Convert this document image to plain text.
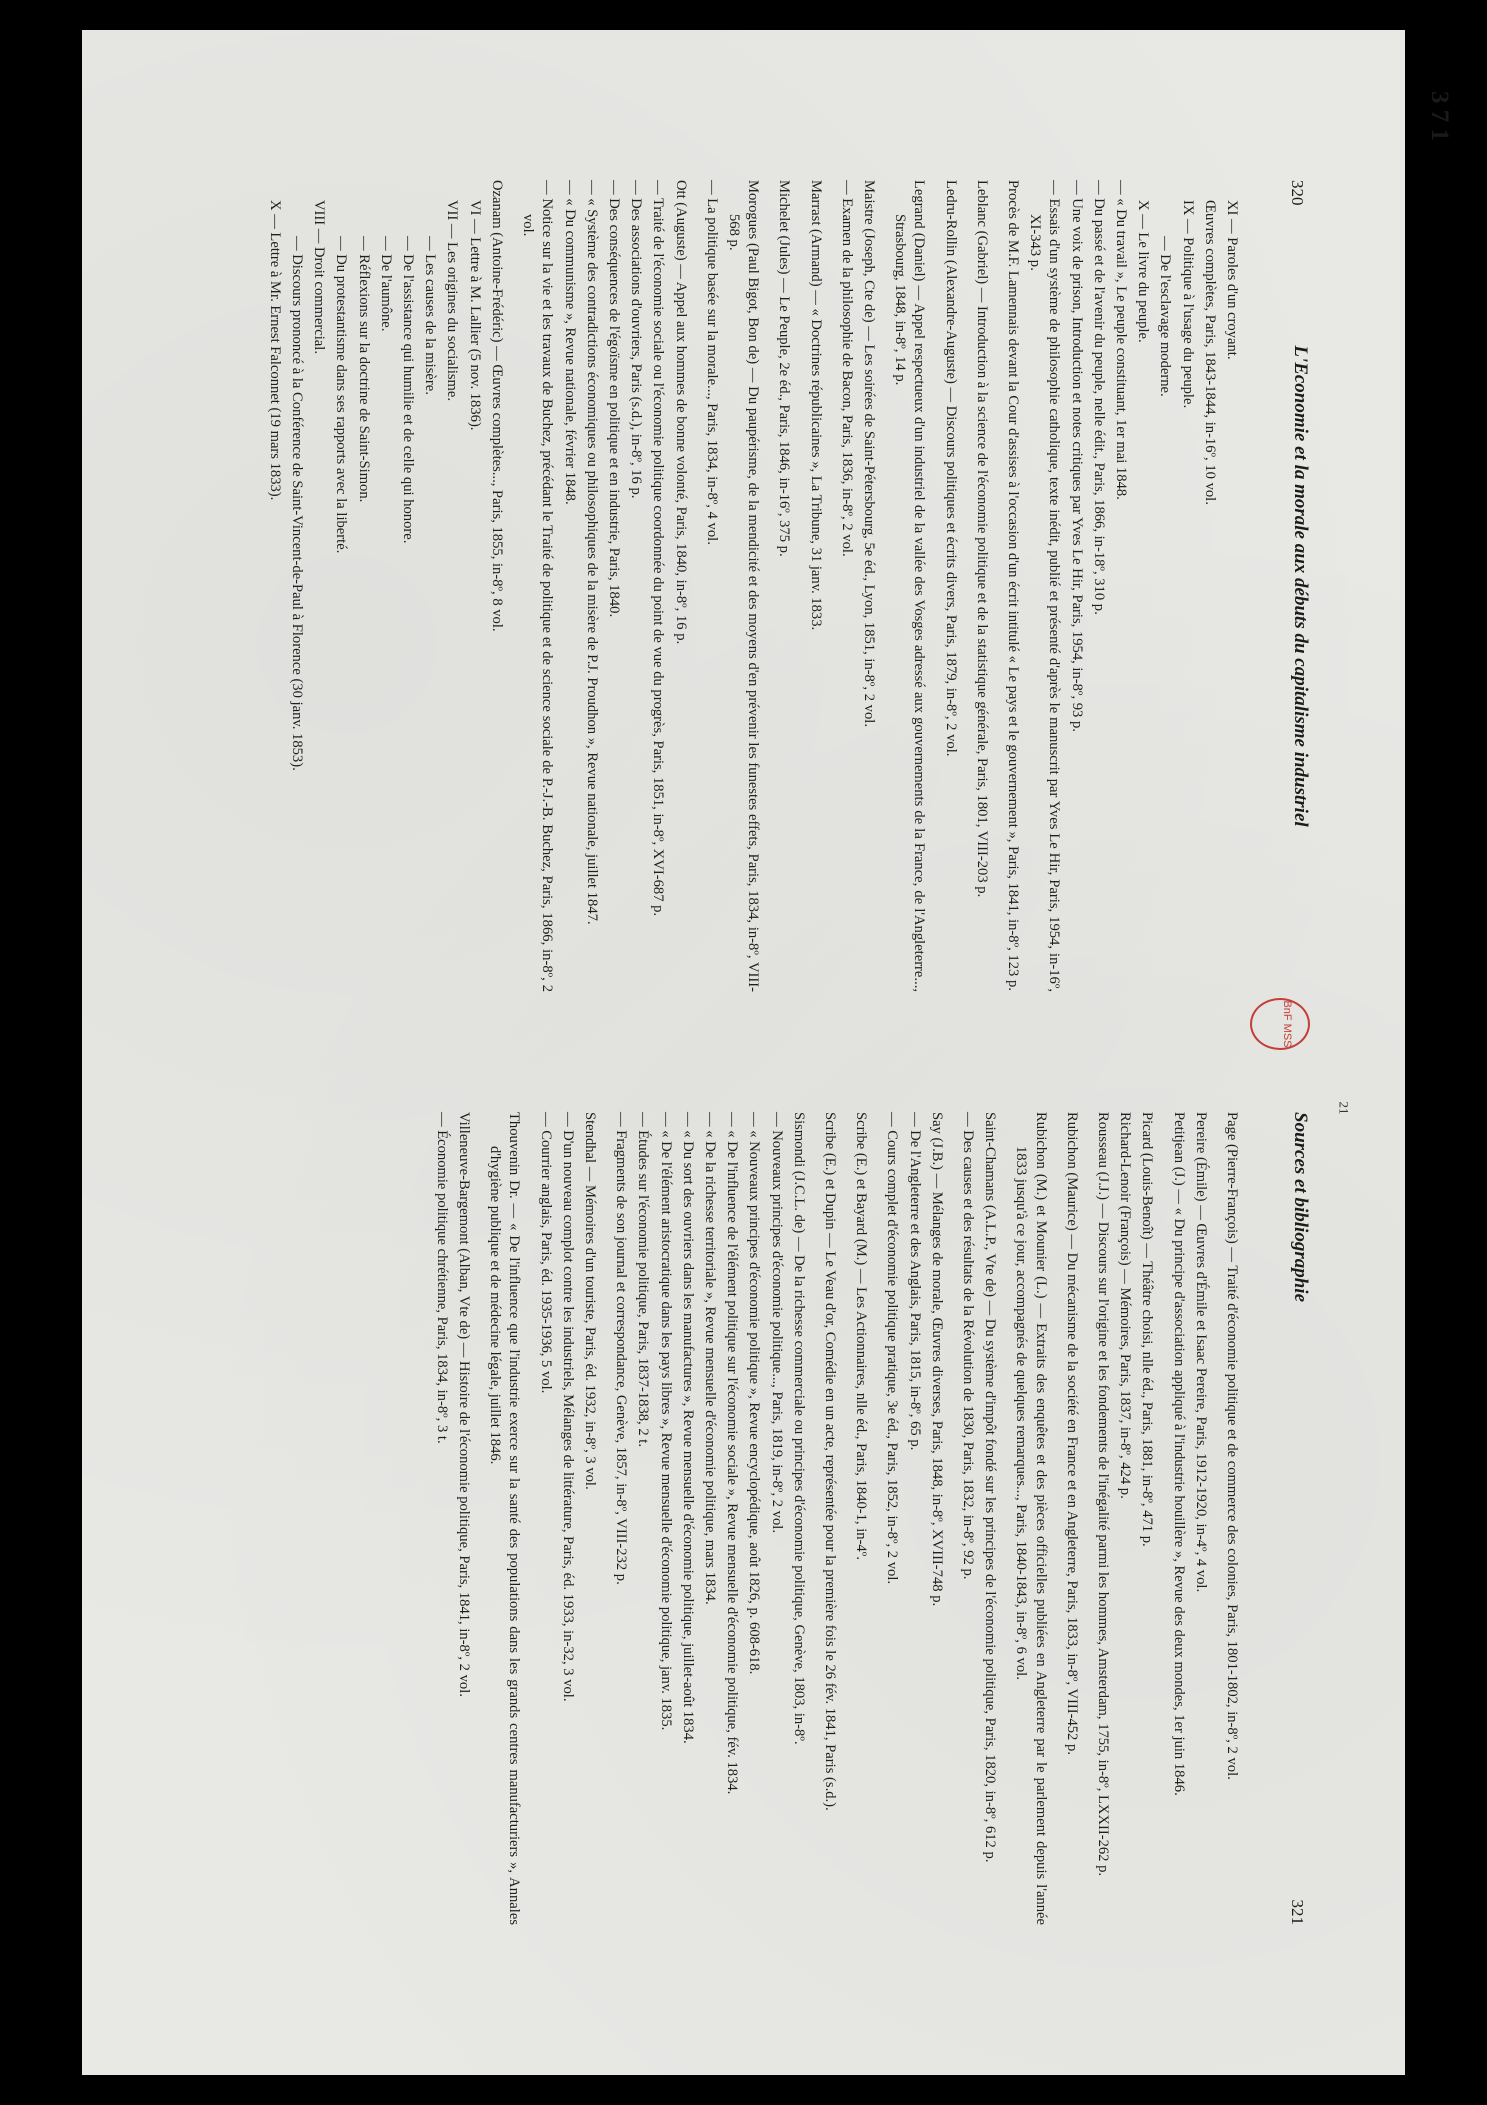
320
L'Economie et la morale aux débuts du capitalisme industriel
XI — Paroles d'un croyant.
Œuvres complètes, Paris, 1843-1844, in-16º, 10 vol.
IX — Politique à l'usage du peuple.
— De l'esclavage moderne.
X — Le livre du peuple.
— « Du travail », Le peuple constituant, 1er mai 1848.
— Du passé et de l'avenir du peuple, nelle édit., Paris, 1866, in-18º, 310 p.
— Une voix de prison, Introduction et notes critiques par Yves Le Hir, Paris, 1954, in-8º, 93 p.
— Essais d'un système de philosophie catholique, texte inédit, publié et présenté d'après le manuscrit par Yves Le Hir, Paris, 1954, in-16º, XI-343 p.
Procès de M.F. Lamennais devant la Cour d'assises à l'occasion d'un écrit intitulé « Le pays et le gouvernement », Paris, 1841, in-8º, 123 p.
Leblanc (Gabriel) — Introduction à la science de l'économie politique et de la statistique générale, Paris, 1801, VIII-203 p.
Ledru-Rollin (Alexandre-Auguste) — Discours politiques et écrits divers, Paris, 1879, in-8º, 2 vol.
Legrand (Daniel) — Appel respectueux d'un industriel de la vallée des Vosges adressé aux gouvernements de la France, de l'Angleterre..., Strasbourg, 1848, in-8º, 14 p.
Maistre (Joseph, Cte de) — Les soirées de Saint-Pétersbourg, 5e éd., Lyon, 1851, in-8º, 2 vol.
— Examen de la philosophie de Bacon, Paris, 1836, in-8º, 2 vol.
Marrast (Armand) — « Doctrines républicaines », La Tribune, 31 janv. 1833.
Michelet (Jules) — Le Peuple, 2e éd., Paris, 1846, in-16º, 375 p.
Morogues (Paul Bigot, Bon de) — Du paupérisme, de la mendicité et des moyens d'en prévenir les funestes effets, Paris, 1834, in-8º, VIII-568 p.
— La politique basée sur la morale..., Paris, 1834, in-8º, 4 vol.
Ott (Auguste) — Appel aux hommes de bonne volonté, Paris, 1840, in-8º, 16 p.
— Traité de l'économie sociale ou l'économie politique coordonnée du point de vue du progrès, Paris, 1851, in-8º, XVI-687 p.
— Des associations d'ouvriers, Paris (s.d.), in-8º, 16 p.
— Des conséquences de l'égoïsme en politique et en industrie, Paris, 1840.
— « Système des contradictions économiques ou philosophiques de la misère de P.J. Proudhon », Revue nationale, juillet 1847.
— « Du communisme », Revue nationale, février 1848.
— Notice sur la vie et les travaux de Buchez, précédant le Traité de politique et de science sociale de P.-J.-B. Buchez, Paris, 1866, in-8º, 2 vol.
Ozanam (Antoine-Frédéric) — Œuvres complètes..., Paris, 1855, in-8º, 8 vol.
VI — Lettre à M. Lallier (5 nov. 1836).
VII — Les origines du socialisme.
— Les causes de la misère.
— De l'assistance qui humilie et de celle qui honore.
— De l'aumône.
— Réflexions sur la doctrine de Saint-Simon.
— Du protestantisme dans ses rapports avec la liberté.
VIII — Droit commercial.
— Discours prononcé à la Conférence de Saint-Vincent-de-Paul à Florence (30 janv. 1853).
X — Lettre à Mr. Ernest Falconnet (19 mars 1833).
Sources et bibliographie
321
Page (Pierre-François) — Traité d'économie politique et de commerce des colonies, Paris, 1801-1802, in-8º, 2 vol.
Pereire (Émile) — Œuvres d'Émile et Isaac Pereire, Paris, 1912-1920, in-4º, 4 vol.
Petitjean (J.) — « Du principe d'association appliqué à l'industrie houillère », Revue des deux mondes, 1er juin 1846.
Picard (Louis-Benoît) — Théâtre choisi, nlle éd., Paris, 1881, in-8º, 471 p.
Richard-Lenoir (François) — Mémoires, Paris, 1837, in-8º, 424 p.
Rousseau (J.J.) — Discours sur l'origine et les fondements de l'inégalité parmi les hommes, Amsterdam, 1755, in-8º, LXXII-262 p.
Rubichon (Maurice) — Du mécanisme de la société en France et en Angleterre, Paris, 1833, in-8º, VIII-452 p.
Rubichon (M.) et Mounier (L.) — Extraits des enquêtes et des pièces officielles publiées en Angleterre par le parlement depuis l'année 1833 jusqu'à ce jour, accompagnés de quelques remarques..., Paris, 1840-1843, in-8º, 6 vol.
Saint-Chamans (A.L.P., Vte de) — Du système d'impôt fondé sur les principes de l'économie politique, Paris, 1820, in-8º, 612 p.
— Des causes et des résultats de la Révolution de 1830, Paris, 1832, in-8º, 92 p.
Say (J.B.) — Mélanges de morale, Œuvres diverses, Paris, 1848, in-8º, XVIII-748 p.
— De l'Angleterre et des Anglais, Paris, 1815, in-8º, 65 p.
— Cours complet d'économie politique pratique, 3e éd., Paris, 1852, in-8º, 2 vol.
Scribe (E.) et Bayard (M.) — Les Actionnaires, nlle éd., Paris, 1840-1, in-4º.
Scribe (E.) et Dupin — Le Veau d'or, Comédie en un acte, représentée pour la première fois le 26 fév. 1841, Paris (s.d.).
Sismondi (J.C.L. de) — De la richesse commerciale ou principes d'économie politique, Genève, 1803, in-8º.
— Nouveaux principes d'économie politique..., Paris, 1819, in-8º, 2 vol.
— « Nouveaux principes d'économie politique », Revue encyclopédique, août 1826, p. 608-618.
— « De l'influence de l'élément politique sur l'économie sociale », Revue mensuelle d'économie politique, fév. 1834.
— « De la richesse territoriale », Revue mensuelle d'économie politique, mars 1834.
— « Du sort des ouvriers dans les manufactures », Revue mensuelle d'économie politique, juillet-août 1834.
— « De l'élément aristocratique dans les pays libres », Revue mensuelle d'économie politique, janv. 1835.
— Études sur l'économie politique, Paris, 1837-1838, 2 t.
— Fragments de son journal et correspondance, Genève, 1857, in-8º, VIII-232 p.
Stendhal — Mémoires d'un touriste, Paris, éd. 1932, in-8º, 3 vol.
— D'un nouveau complot contre les industriels, Mélanges de littérature, Paris, éd. 1933, in-32, 3 vol.
— Courrier anglais, Paris, éd. 1935-1936, 5 vol.
Thouvenin Dr. — « De l'influence que l'industrie exerce sur la santé des populations dans les grands centres manufacturiers », Annales d'hygiène publique et de médecine légale, juillet 1846.
Villeneuve-Bargemont (Alban, Vte de) — Histoire de l'économie politique, Paris, 1841, in-8º, 2 vol.
— Économie politique chrétienne, Paris, 1834, in-8º, 3 t.
BnF MSS
21
3 7 1
